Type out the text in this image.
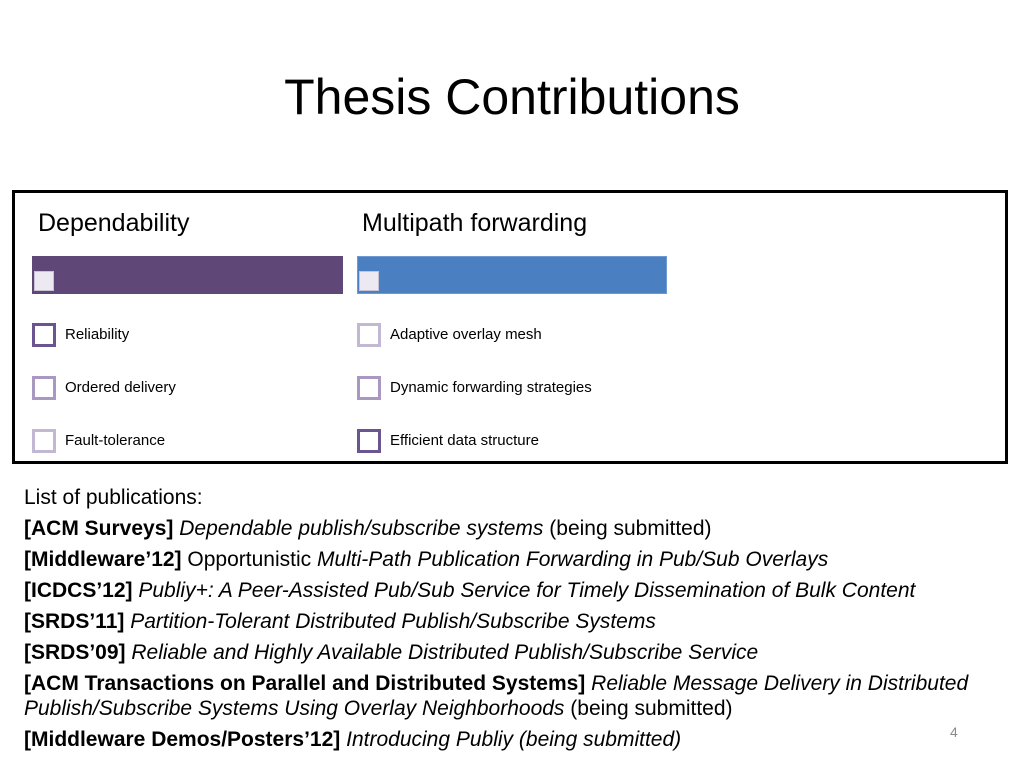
Thesis Contributions
Dependability
Reliability
Ordered delivery
Fault-tolerance
Multipath forwarding
Adaptive overlay mesh
Dynamic forwarding strategies
Efficient data structure

List of publications:

[ACM Surveys] Dependable publish/subscribe systems (being submitted)

[Middleware’12] Opportunistic Multi-Path Publication Forwarding in Pub/Sub Overlays

[ICDCS’12] Publiy+: A Peer-Assisted Pub/Sub Service for Timely Dissemination of Bulk Content

[SRDS’11] Partition-Tolerant Distributed Publish/Subscribe Systems

[SRDS’09] Reliable and Highly Available Distributed Publish/Subscribe Service

[ACM Transactions on Parallel and Distributed Systems] Reliable Message Delivery in Distributed Publish/Subscribe Systems Using Overlay Neighborhoods (being submitted)

[Middleware Demos/Posters’12] Introducing Publiy (being submitted)	4
